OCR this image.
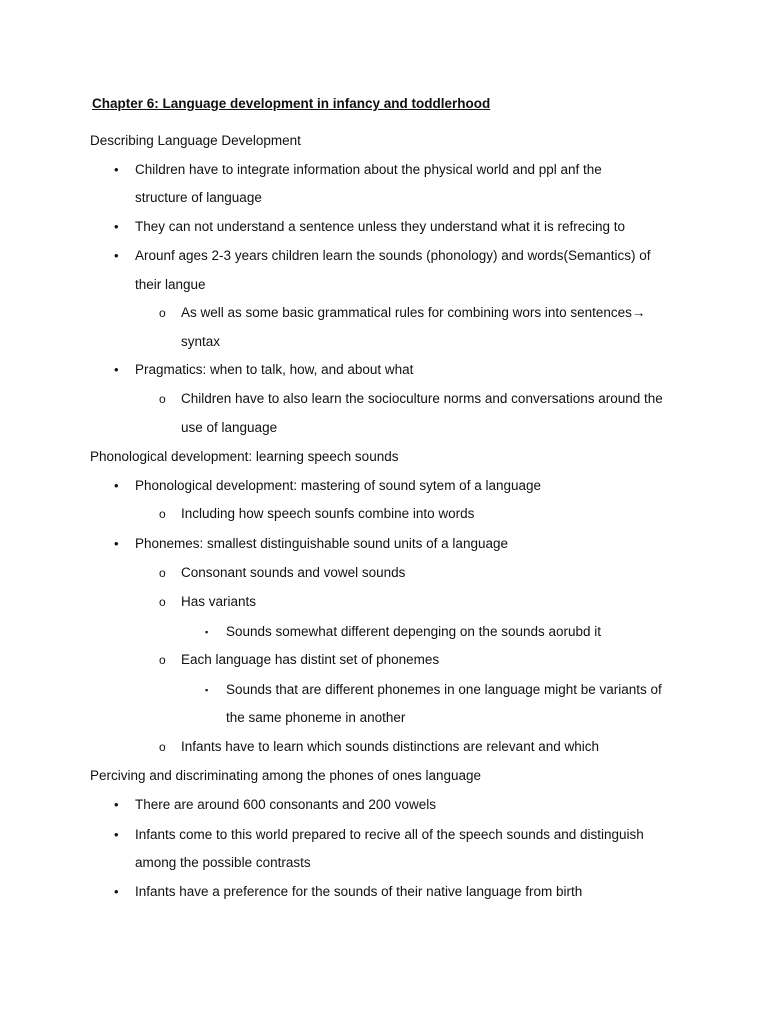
Chapter 6: Language development in infancy and toddlerhood
Describing Language Development
• Children have to integrate information about the physical world and ppl anf the
structure of language
• They can not understand a sentence unless they understand what it is refrecing to
• Arounf ages 2-3 years children learn the sounds (phonology) and words(Semantics) of
their langue
o As well as some basic grammatical rules for combining wors into sentences→
syntax
• Pragmatics: when to talk, how, and about what
o Children have to also learn the socioculture norms and conversations around the
use of language
Phonological development: learning speech sounds
• Phonological development: mastering of sound sytem of a language
o Including how speech sounfs combine into words
• Phonemes: smallest distinguishable sound units of a language
o Consonant sounds and vowel sounds
o Has variants
▪ Sounds somewhat different depenging on the sounds aorubd it
o Each language has distint set of phonemes
▪ Sounds that are different phonemes in one language might be variants of
the same phoneme in another
o Infants have to learn which sounds distinctions are relevant and which
Perciving and discriminating among the phones of ones language
• There are around 600 consonants and 200 vowels
• Infants come to this world prepared to recive all of the speech sounds and distinguish
among the possible contrasts
• Infants have a preference for the sounds of their native language from birth
